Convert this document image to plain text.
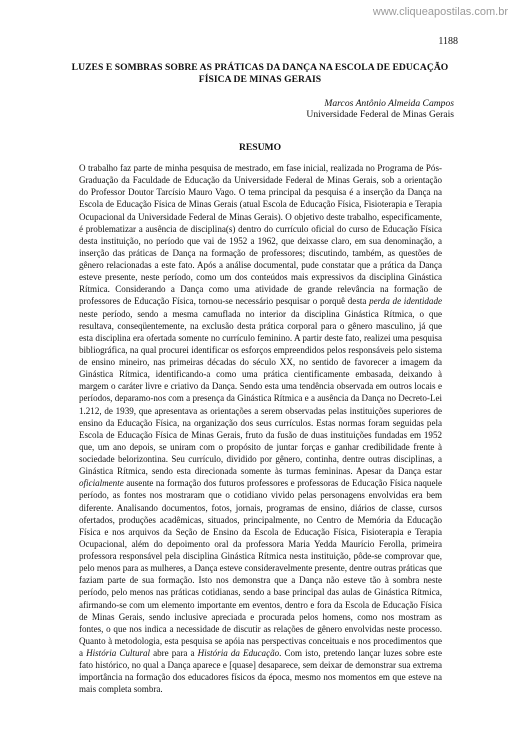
www.cliqueapostilas.com.br
1188
LUZES E SOMBRAS SOBRE AS PRÁTICAS DA DANÇA NA ESCOLA DE EDUCAÇÃO FÍSICA DE MINAS GERAIS
Marcos Antônio Almeida Campos
Universidade Federal de Minas Gerais
RESUMO

O trabalho faz parte de minha pesquisa de mestrado, em fase inicial, realizada no Programa de Pós-Graduação da Faculdade de Educação da Universidade Federal de Minas Gerais, sob a orientação do Professor Doutor Tarcísio Mauro Vago. O tema principal da pesquisa é a inserção da Dança na Escola de Educação Física de Minas Gerais (atual Escola de Educação Física, Fisioterapia e Terapia Ocupacional da Universidade Federal de Minas Gerais). O objetivo deste trabalho, especificamente, é problematizar a ausência de disciplina(s) dentro do currículo oficial do curso de Educação Física desta instituição, no período que vai de 1952 a 1962, que deixasse claro, em sua denominação, a inserção das práticas de Dança na formação de professores; discutindo, também, as questões de gênero relacionadas a este fato. Após a análise documental, pude constatar que a prática da Dança esteve presente, neste período, como um dos conteúdos mais expressivos da disciplina Ginástica Rítmica. Considerando a Dança como uma atividade de grande relevância na formação de professores de Educação Física, tornou-se necessário pesquisar o porquê desta perda de identidade neste período, sendo a mesma camuflada no interior da disciplina Ginástica Rítmica, o que resultava, conseqüentemente, na exclusão desta prática corporal para o gênero masculino, já que esta disciplina era ofertada somente no currículo feminino. A partir deste fato, realizei uma pesquisa bibliográfica, na qual procurei identificar os esforços empreendidos pelos responsáveis pelo sistema de ensino mineiro, nas primeiras décadas do século XX, no sentido de favorecer a imagem da Ginástica Rítmica, identificando-a como uma prática cientificamente embasada, deixando à margem o caráter livre e criativo da Dança. Sendo esta uma tendência observada em outros locais e períodos, deparamo-nos com a presença da Ginástica Rítmica e a ausência da Dança no Decreto-Lei 1.212, de 1939, que apresentava as orientações a serem observadas pelas instituições superiores de ensino da Educação Física, na organização dos seus currículos. Estas normas foram seguidas pela Escola de Educação Física de Minas Gerais, fruto da fusão de duas instituições fundadas em 1952 que, um ano depois, se uniram com o propósito de juntar forças e ganhar credibilidade frente à sociedade belorizontina. Seu currículo, dividido por gênero, continha, dentre outras disciplinas, a Ginástica Rítmica, sendo esta direcionada somente às turmas femininas. Apesar da Dança estar oficialmente ausente na formação dos futuros professores e professoras de Educação Física naquele período, as fontes nos mostraram que o cotidiano vivido pelas personagens envolvidas era bem diferente. Analisando documentos, fotos, jornais, programas de ensino, diários de classe, cursos ofertados, produções acadêmicas, situados, principalmente, no Centro de Memória da Educação Física e nos arquivos da Seção de Ensino da Escola de Educação Física, Fisioterapia e Terapia Ocupacional, além do depoimento oral da professora Maria Yedda Maurício Ferolla, primeira professora responsável pela disciplina Ginástica Rítmica nesta instituição, pôde-se comprovar que, pelo menos para as mulheres, a Dança esteve consideravelmente presente, dentre outras práticas que faziam parte de sua formação. Isto nos demonstra que a Dança não esteve tão à sombra neste período, pelo menos nas práticas cotidianas, sendo a base principal das aulas de Ginástica Rítmica, afirmando-se com um elemento importante em eventos, dentro e fora da Escola de Educação Física de Minas Gerais, sendo inclusive apreciada e procurada pelos homens, como nos mostram as fontes, o que nos indica a necessidade de discutir as relações de gênero envolvidas neste processo. Quanto à metodologia, esta pesquisa se apóia nas perspectivas conceituais e nos procedimentos que a História Cultural abre para a História da Educação. Com isto, pretendo lançar luzes sobre este fato histórico, no qual a Dança aparece e [quase] desaparece, sem deixar de demonstrar sua extrema importância na formação dos educadores físicos da época, mesmo nos momentos em que esteve na mais completa sombra.
